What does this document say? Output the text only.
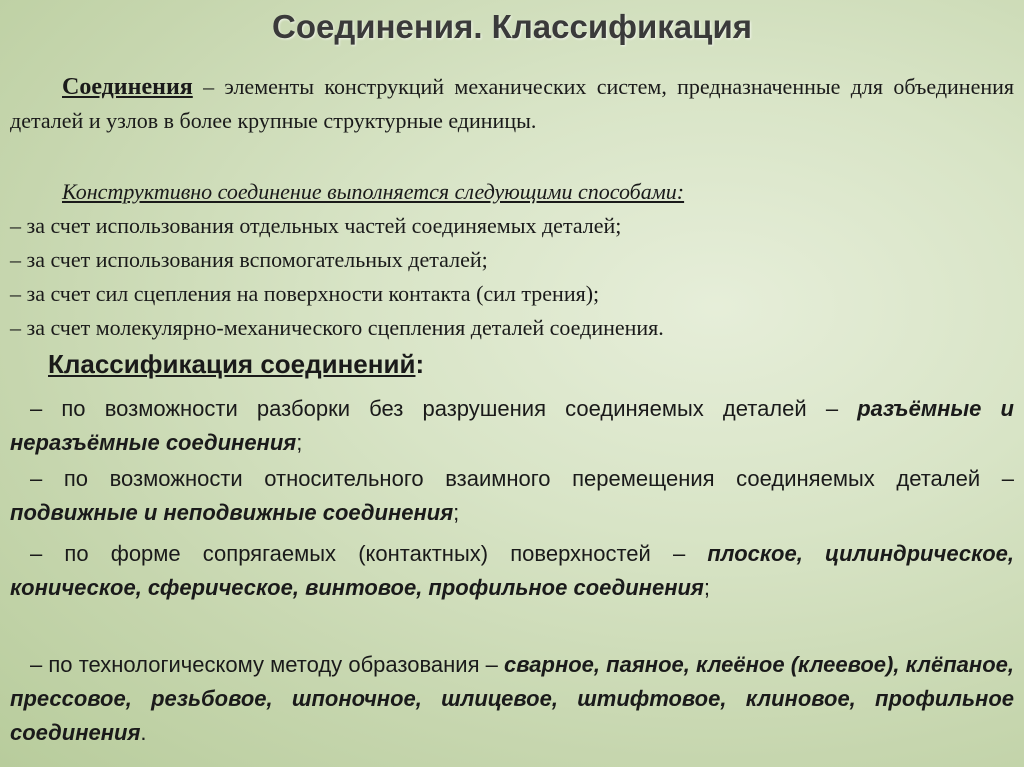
Соединения. Классификация
Соединения – элементы конструкций механических систем, предназначенные для объединения деталей и узлов в более крупные структурные единицы.
Конструктивно соединение выполняется следующими способами:
– за счет использования отдельных частей соединяемых деталей;
– за счет использования вспомогательных деталей;
– за счет сил сцепления на поверхности контакта (сил трения);
– за счет молекулярно-механического сцепления деталей соединения.
Классификация соединений:
– по возможности разборки без разрушения соединяемых деталей – разъёмные и неразъёмные соединения;
– по возможности относительного взаимного перемещения соединяемых деталей – подвижные и неподвижные соединения;
– по форме сопрягаемых (контактных) поверхностей – плоское, цилиндрическое, коническое, сферическое, винтовое, профильное соединения;
– по технологическому методу образования – сварное, паяное, клеёное (клеевое), клёпаное, прессовое, резьбовое, шпоночное, шлицевое, штифтовое, клиновое, профильное соединения.
